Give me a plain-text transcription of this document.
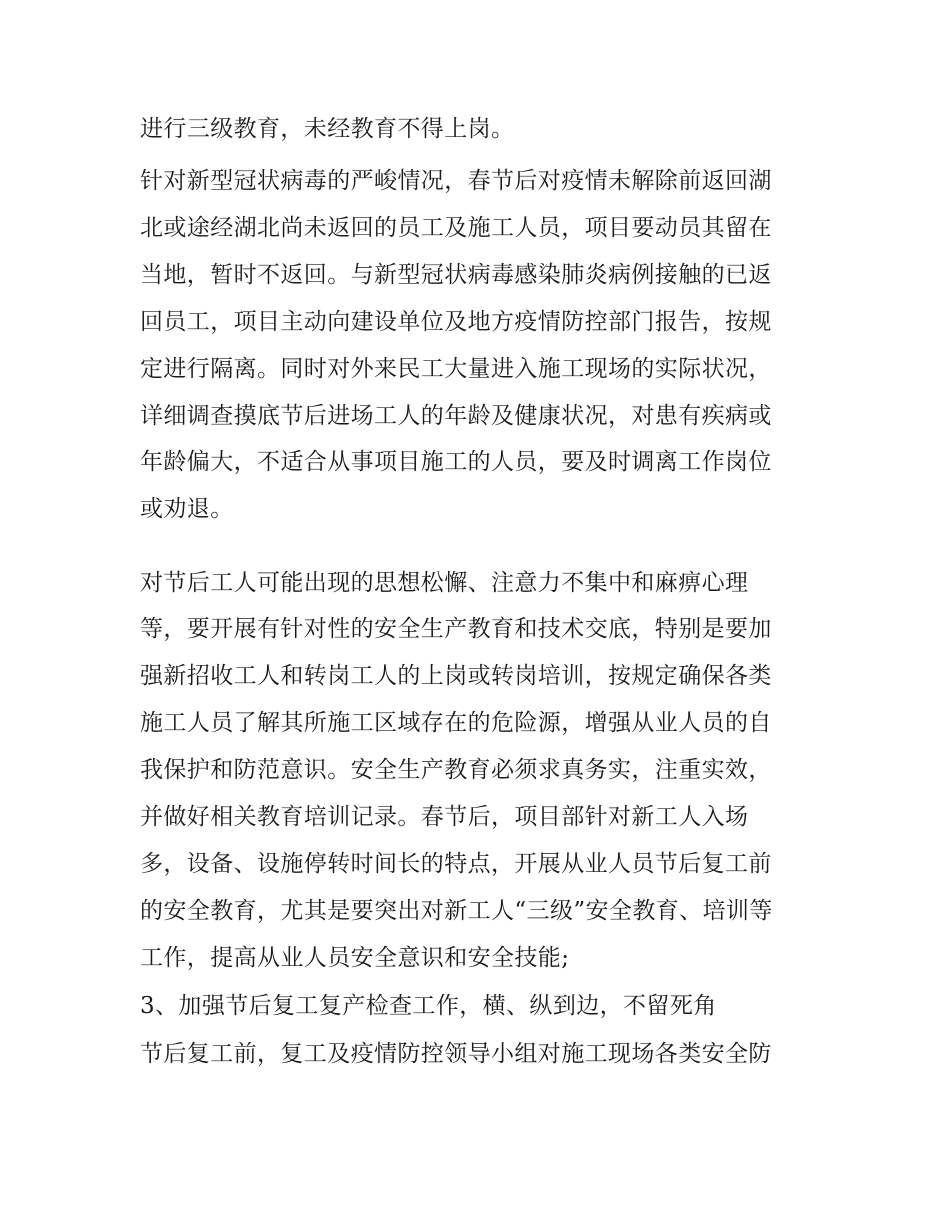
进行三级教育，未经教育不得上岗。
针对新型冠状病毒的严峻情况，春节后对疫情未解除前返回湖
北或途经湖北尚未返回的员工及施工人员，项目要动员其留在
当地，暂时不返回。与新型冠状病毒感染肺炎病例接触的已返
回员工，项目主动向建设单位及地方疫情防控部门报告，按规
定进行隔离。同时对外来民工大量进入施工现场的实际状况，
详细调查摸底节后进场工人的年龄及健康状况，对患有疾病或
年龄偏大，不适合从事项目施工的人员，要及时调离工作岗位
或劝退。
对节后工人可能出现的思想松懈、注意力不集中和麻痹心理
等，要开展有针对性的安全生产教育和技术交底，特别是要加
强新招收工人和转岗工人的上岗或转岗培训，按规定确保各类
施工人员了解其所施工区域存在的危险源，增强从业人员的自
我保护和防范意识。安全生产教育必须求真务实，注重实效，
并做好相关教育培训记录。春节后，项目部针对新工人入场
多，设备、设施停转时间长的特点，开展从业人员节后复工前
的安全教育，尤其是要突出对新工人“三级”安全教育、培训等
工作，提高从业人员安全意识和安全技能;
3、加强节后复工复产检查工作，横、纵到边，不留死角
节后复工前，复工及疫情防控领导小组对施工现场各类安全防
